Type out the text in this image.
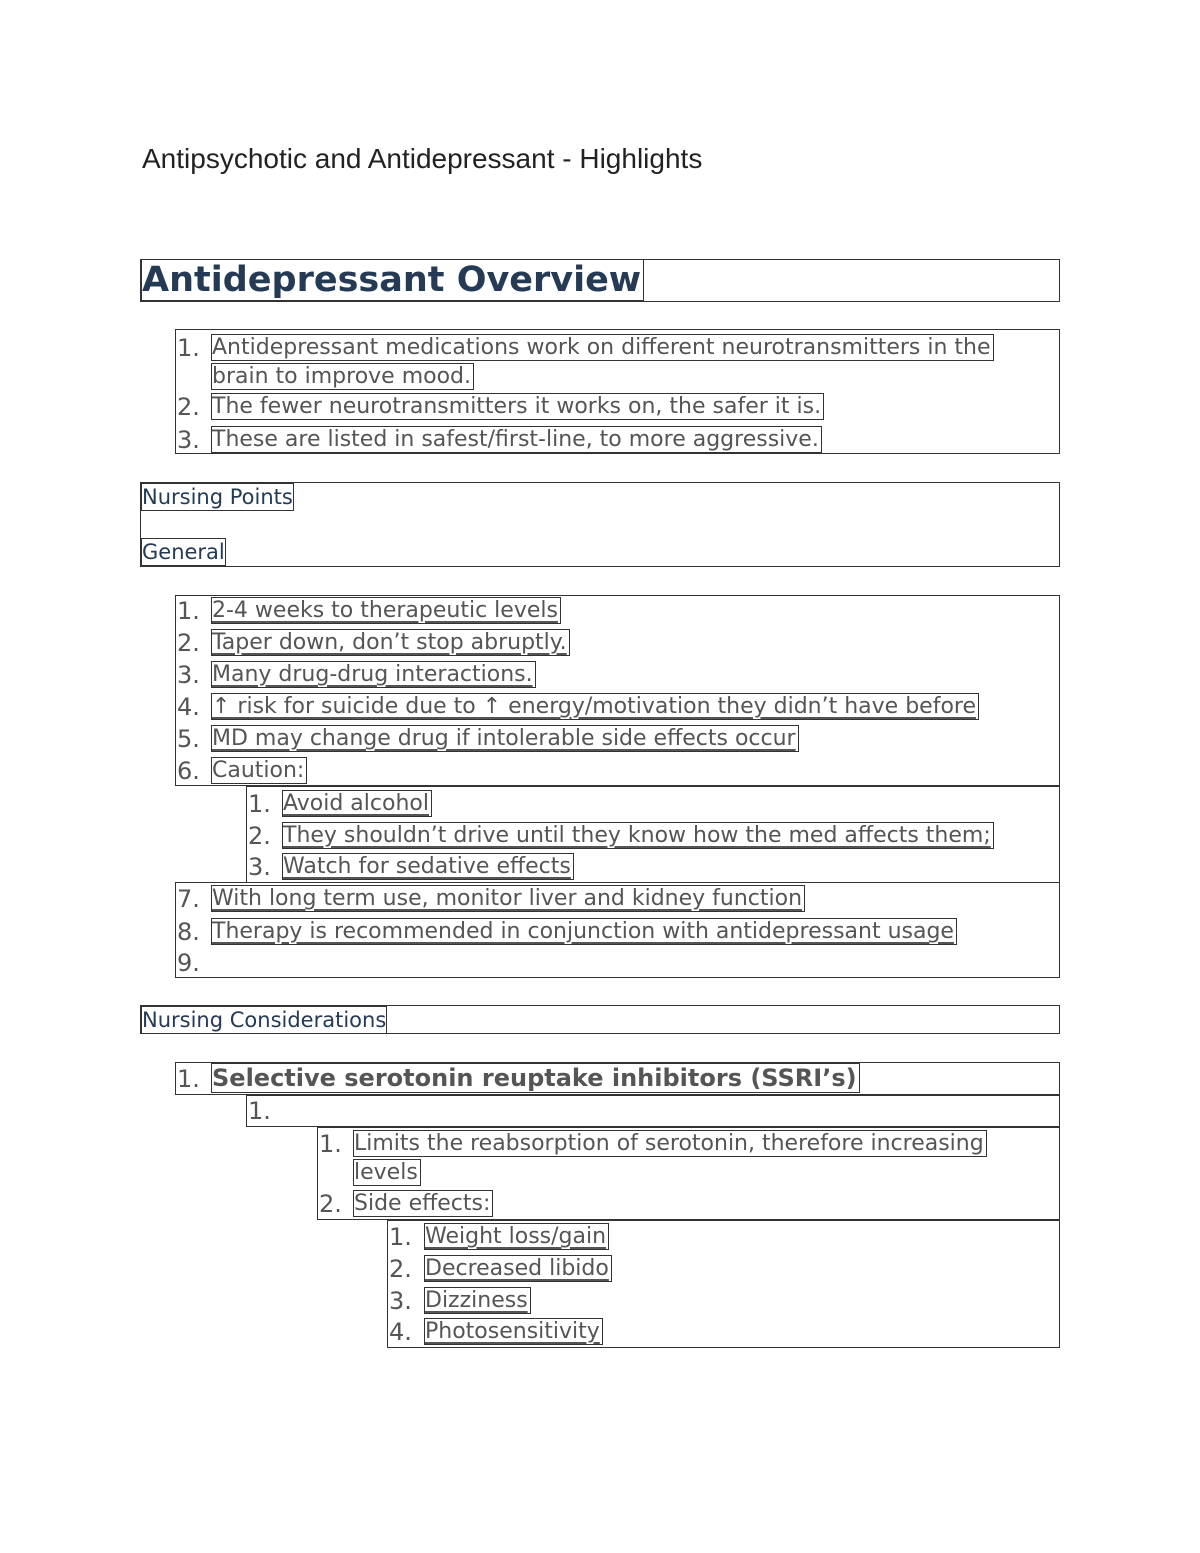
Antipsychotic and Antidepressant - Highlights
Antidepressant Overview
1. Antidepressant medications work on different neurotransmitters in the
brain to improve mood.
2. The fewer neurotransmitters it works on, the safer it is.
3. These are listed in safest/first-line, to more aggressive.
Nursing Points
General
1. 2-4 weeks to therapeutic levels
2. Taper down, don’t stop abruptly.
3. Many drug-drug interactions.
4. ↑ risk for suicide due to ↑ energy/motivation they didn’t have before
5. MD may change drug if intolerable side effects occur
6. Caution:
1. Avoid alcohol
2. They shouldn’t drive until they know how the med affects them;
3. Watch for sedative effects
7. With long term use, monitor liver and kidney function
8. Therapy is recommended in conjunction with antidepressant usage
9.
Nursing Considerations
1. Selective serotonin reuptake inhibitors (SSRI’s)
1.
1. Limits the reabsorption of serotonin, therefore increasing
levels
2. Side effects:
1. Weight loss/gain
2. Decreased libido
3. Dizziness
4. Photosensitivity
